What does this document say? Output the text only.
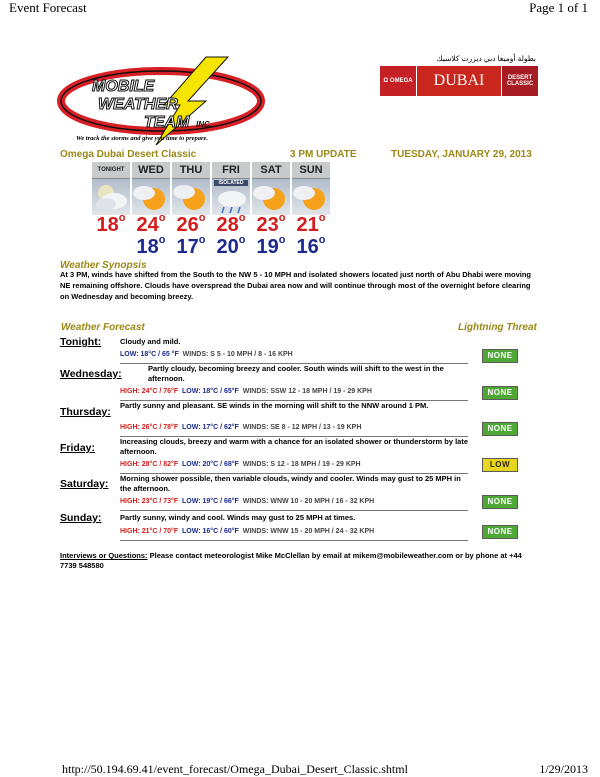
Event Forecast	Page 1 of 1
MOBILE
WEATHER
TEAM INC.
We track the storms and give you time to prepare.
بطولة أوميغا دبي ديزرت كلاسيك
Ω OMEGA	DUBAI	DESERT CLASSIC
Omega Dubai Desert Classic	3 PM UPDATE	TUESDAY, JANUARY 29, 2013
TONIGHT
18$^o$
WED
24$^o$
18$^o$
THU
26$^o$
17$^o$
FRI
ISOLATED
28$^o$
20$^o$
SAT
23$^o$
19$^o$
SUN
21$^o$
16$^o$
Weather Synopsis
At 3 PM, winds have shifted from the South to the NW 5 - 10 MPH and isolated showers located just north of Abu Dhabi were moving NE remaining offshore. Clouds have overspread the Dubai area now and will continue through most of the overnight before clearing on Wednesday and becoming breezy.
Weather Forecast	Lightning Threat
Tonight:	Cloudy and mild.
LOW: 18°C / 65 °F WINDS: S 5 - 10 MPH / 8 - 16 KPH	NONE
Wednesday:	Partly cloudy, becoming breezy and cooler. South winds will shift to the west in the afternoon.
HIGH: 24°C / 76°F LOW: 18°C / 65°F WINDS: SSW 12 - 18 MPH / 19 - 29 KPH	NONE
Thursday:
Partly sunny and pleasant. SE winds in the morning will shift to the NNW around 1 PM.
HIGH: 26°C / 78°F LOW: 17°C / 62°F WINDS: SE 8 - 12 MPH / 13 - 19 KPH	NONE
Friday:
Increasing clouds, breezy and warm with a chance for an isolated shower or thunderstorm by late afternoon.
HIGH: 28°C / 82°F LOW: 20°C / 68°F WINDS: S 12 - 18 MPH / 19 - 29 KPH	LOW
Saturday: Morning shower possible, then variable clouds, windy and cooler. Winds may gust to 25 MPH in the afternoon.
HIGH: 23°C / 73°F LOW: 19°C / 66°F WINDS: WNW 10 - 20 MPH / 16 - 32 KPH	NONE
Sunday: Partly sunny, windy and cool. Winds may gust to 25 MPH at times.
HIGH: 21°C / 70°F LOW: 16°C / 60°F WINDS: WNW 15 - 20 MPH / 24 - 32 KPH	NONE
Interviews or Questions: Please contact meteorologist Mike McClellan by email at mikem@mobileweather.com or by phone at +44 7739 548580
http://50.194.69.41/event_forecast/Omega_Dubai_Desert_Classic.shtml	1/29/2013
